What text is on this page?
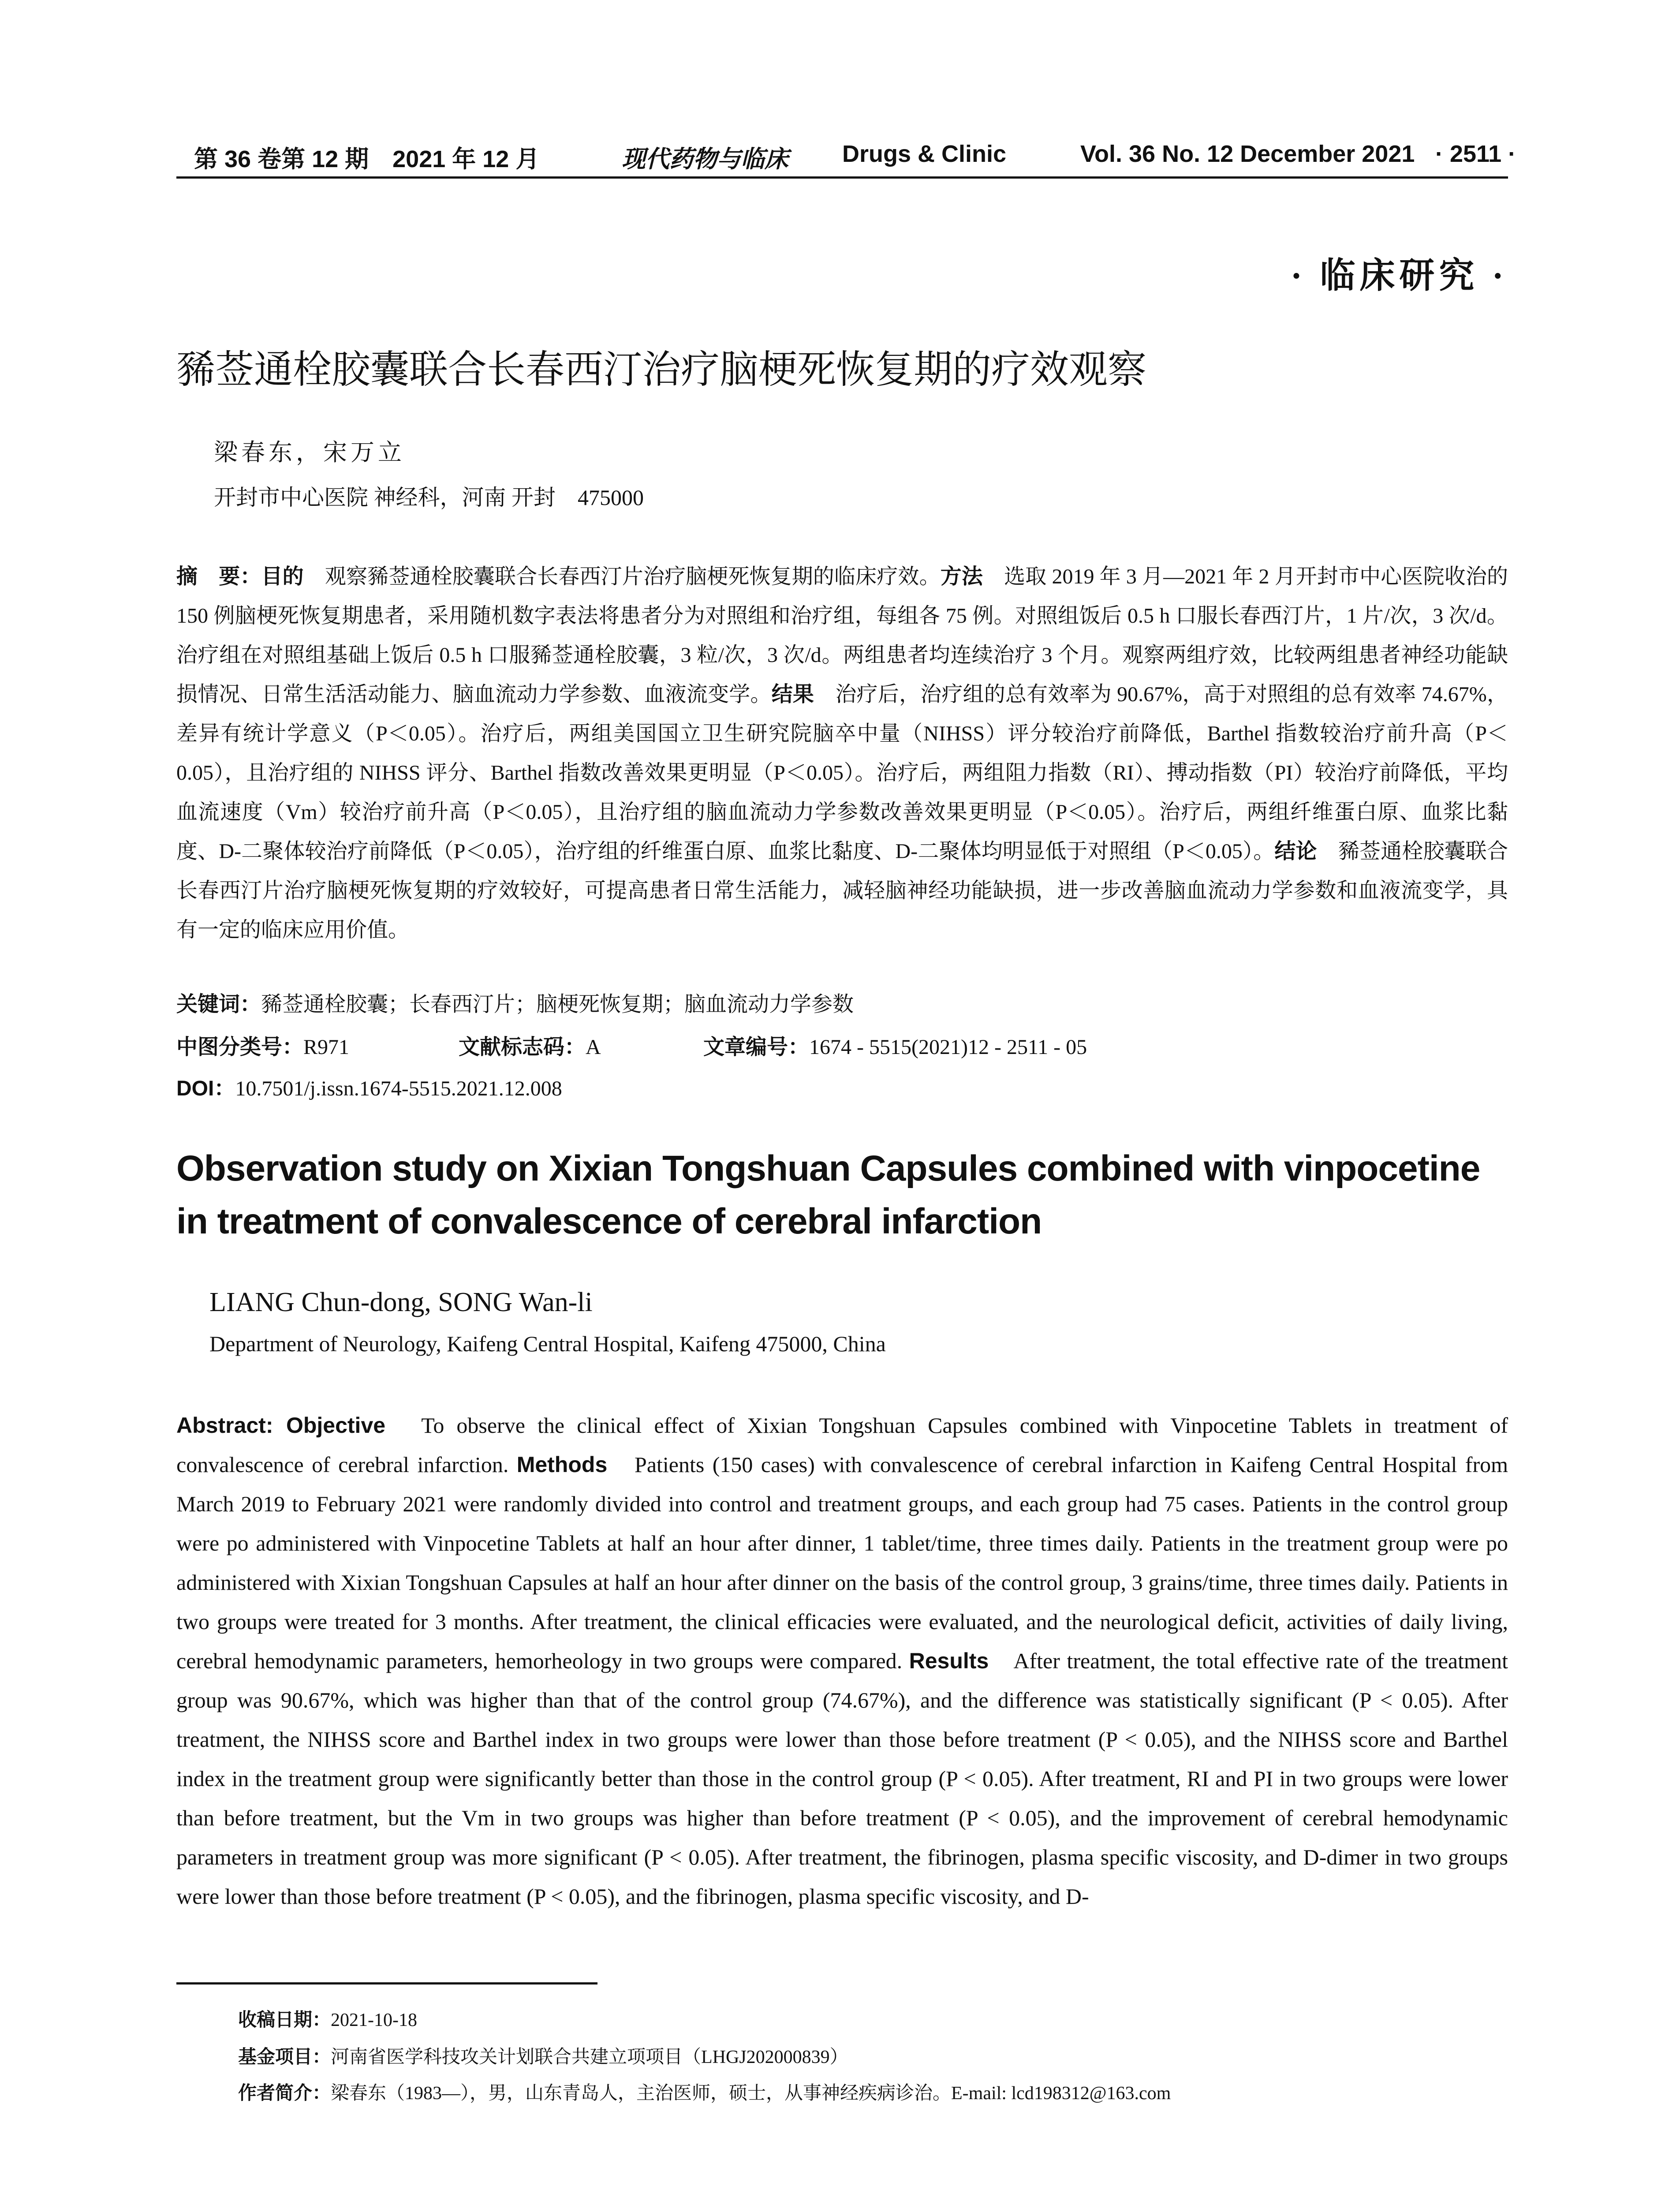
第 36 卷第 12 期　2021 年 12 月	现代药物与临床 Drugs & Clinic	Vol. 36 No. 12 December 2021 · 2511 ·
· 临床研究 ·
豨莶通栓胶囊联合长春西汀治疗脑梗死恢复期的疗效观察
梁春东，宋万立
开封市中心医院 神经科，河南 开封　475000
摘　要：目的　观察豨莶通栓胶囊联合长春西汀片治疗脑梗死恢复期的临床疗效。方法　选取 2019 年 3 月—2021 年 2 月开封市中心医院收治的 150 例脑梗死恢复期患者，采用随机数字表法将患者分为对照组和治疗组，每组各 75 例。对照组饭后 0.5 h 口服长春西汀片，1 片/次，3 次/d。治疗组在对照组基础上饭后 0.5 h 口服豨莶通栓胶囊，3 粒/次，3 次/d。两组患者均连续治疗 3 个月。观察两组疗效，比较两组患者神经功能缺损情况、日常生活活动能力、脑血流动力学参数、血液流变学。结果　治疗后，治疗组的总有效率为 90.67%，高于对照组的总有效率 74.67%，差异有统计学意义（P＜0.05）。治疗后，两组美国国立卫生研究院脑卒中量（NIHSS）评分较治疗前降低，Barthel 指数较治疗前升高（P＜0.05），且治疗组的 NIHSS 评分、Barthel 指数改善效果更明显（P＜0.05）。治疗后，两组阻力指数（RI）、搏动指数（PI）较治疗前降低，平均血流速度（Vm）较治疗前升高（P＜0.05），且治疗组的脑血流动力学参数改善效果更明显（P＜0.05）。治疗后，两组纤维蛋白原、血浆比黏度、D-二聚体较治疗前降低（P＜0.05），治疗组的纤维蛋白原、血浆比黏度、D-二聚体均明显低于对照组（P＜0.05）。结论　豨莶通栓胶囊联合长春西汀片治疗脑梗死恢复期的疗效较好，可提高患者日常生活能力，减轻脑神经功能缺损，进一步改善脑血流动力学参数和血液流变学，具有一定的临床应用价值。
关键词：豨莶通栓胶囊；长春西汀片；脑梗死恢复期；脑血流动力学参数
中图分类号：R971	文献标志码：A	文章编号：1674 - 5515(2021)12 - 2511 - 05
DOI：10.7501/j.issn.1674-5515.2021.12.008
Observation study on Xixian Tongshuan Capsules combined with vinpocetine in treatment of convalescence of cerebral infarction
LIANG Chun-dong, SONG Wan-li
Department of Neurology, Kaifeng Central Hospital, Kaifeng 475000, China
Abstract: Objective　To observe the clinical effect of Xixian Tongshuan Capsules combined with Vinpocetine Tablets in treatment of convalescence of cerebral infarction. Methods　Patients (150 cases) with convalescence of cerebral infarction in Kaifeng Central Hospital from March 2019 to February 2021 were randomly divided into control and treatment groups, and each group had 75 cases. Patients in the control group were po administered with Vinpocetine Tablets at half an hour after dinner, 1 tablet/time, three times daily. Patients in the treatment group were po administered with Xixian Tongshuan Capsules at half an hour after dinner on the basis of the control group, 3 grains/time, three times daily. Patients in two groups were treated for 3 months. After treatment, the clinical efficacies were evaluated, and the neurological deficit, activities of daily living, cerebral hemodynamic parameters, hemorheology in two groups were compared. Results　After treatment, the total effective rate of the treatment group was 90.67%, which was higher than that of the control group (74.67%), and the difference was statistically significant (P < 0.05). After treatment, the NIHSS score and Barthel index in two groups were lower than those before treatment (P < 0.05), and the NIHSS score and Barthel index in the treatment group were significantly better than those in the control group (P < 0.05). After treatment, RI and PI in two groups were lower than before treatment, but the Vm in two groups was higher than before treatment (P < 0.05), and the improvement of cerebral hemodynamic parameters in treatment group was more significant (P < 0.05). After treatment, the fibrinogen, plasma specific viscosity, and D-dimer in two groups were lower than those before treatment (P < 0.05), and the fibrinogen, plasma specific viscosity, and D-
收稿日期：2021-10-18
基金项目：河南省医学科技攻关计划联合共建立项项目（LHGJ202000839）
作者简介：梁春东（1983—），男，山东青岛人，主治医师，硕士，从事神经疾病诊治。E-mail: lcd198312@163.com
